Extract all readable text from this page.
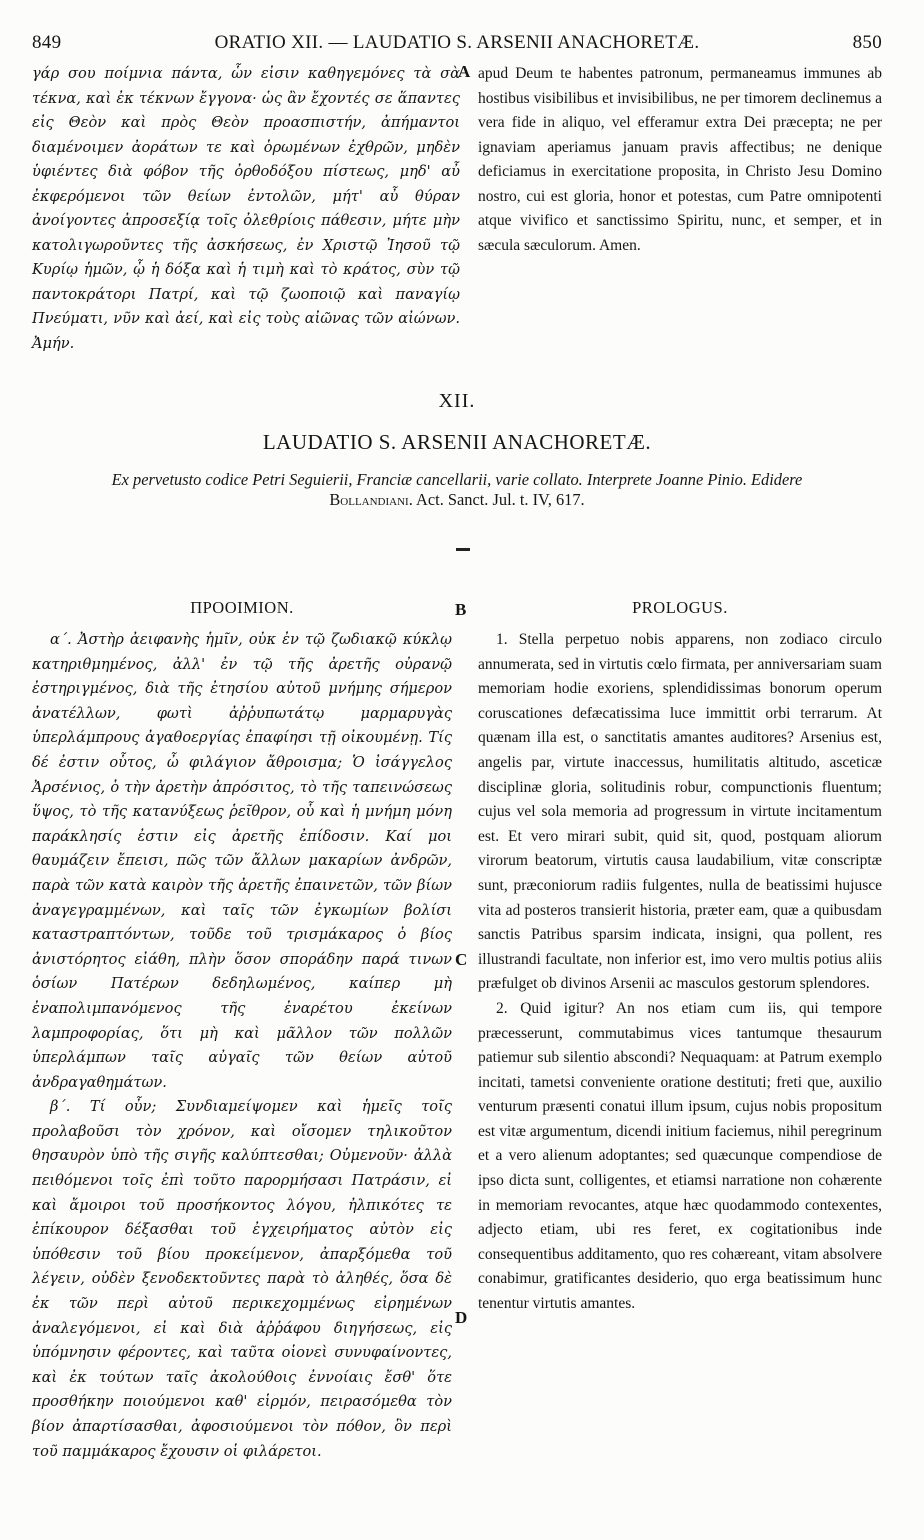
849	ORATIO XII. — LAUDATIO S. ARSENII ANACHORETÆ.	850

γάρ σου ποίμνια πάντα, ὧν εἰσιν καθηγεμόνες τὰ σὰ τέκνα, καὶ ἐκ τέκνων ἔγγονα· ὡς ἂν ἔχοντές σε ἅπαντες εἰς Θεὸν καὶ πρὸς Θεὸν προασπιστήν, ἀπήμαντοι διαμένοιμεν ἀοράτων τε καὶ ὁρωμένων ἐχθρῶν, μηδὲν ὑφιέντες διὰ φόβον τῆς ὀρθοδόξου πίστεως, μηδ' αὖ ἐκφερόμενοι τῶν θείων ἐντολῶν, μήτ' αὖ θύραν ἀνοίγοντες ἀπροσεξίᾳ τοῖς ὀλεθρίοις πάθεσιν, μήτε μὴν κατολιγωροῦντες τῆς ἀσκήσεως, ἐν Χριστῷ Ἰησοῦ τῷ Κυρίῳ ἡμῶν, ᾧ ἡ δόξα καὶ ἡ τιμὴ καὶ τὸ κράτος, σὺν τῷ παντοκράτορι Πατρί, καὶ τῷ ζωοποιῷ καὶ παναγίῳ Πνεύματι, νῦν καὶ ἀεί, καὶ εἰς τοὺς αἰῶνας τῶν αἰώνων. Ἀμήν.

A apud Deum te habentes patronum, permaneamus immunes ab hostibus visibilibus et invisibilibus, ne per timorem declinemus a vera fide in aliquo, vel efferamur extra Dei præcepta; ne per ignaviam aperiamus januam pravis affectibus; ne denique deficiamus in exercitatione proposita, in Christo Jesu Domino nostro, cui est gloria, honor et potestas, cum Patre omnipotenti atque vivifico et sanctissimo Spiritu, nunc, et semper, et in sæcula sæculorum. Amen.

XII.
LAUDATIO S. ARSENII ANACHORETÆ.
Ex pervetusto codice Petri Seguierii, Franciæ cancellarii, varie collato. Interprete Joanne Pinio. Edidere
Bollandiani. Act. Sanct. Jul. t. IV, 617.
ΠΡΟΟΙΜΙΟΝ.	B	PROLOGUS.

α΄. Ἀστὴρ ἀειφανὴς ἡμῖν, οὐκ ἐν τῷ ζωδιακῷ κύκλῳ κατηριθμημένος, ἀλλ' ἐν τῷ τῆς ἀρετῆς οὐρανῷ ἐστηριγμένος, διὰ τῆς ἐτησίου αὐτοῦ μνήμης σήμερον ἀνατέλλων, φωτὶ ἀῤῥυπωτάτῳ μαρμαρυγὰς ὑπερλάμπρους ἀγαθοεργίας ἐπαφίησι τῇ οἰκουμένῃ. Τίς δέ ἐστιν οὗτος, ὦ φιλάγιον ἄθροισμα; Ὁ ἰσάγγελος Ἀρσένιος, ὁ τὴν ἀρετὴν ἀπρόσιτος, τὸ τῆς ταπεινώσεως ὕψος, τὸ τῆς κατανύξεως ῥεῖθρον, οὗ καὶ ἡ μνήμη μόνη παράκλησίς ἐστιν εἰς ἀρετῆς ἐπίδοσιν. Καί μοι θαυμάζειν ἔπεισι, πῶς τῶν ἄλλων μακαρίων ἀνδρῶν, παρὰ τῶν κατὰ καιρὸν τῆς ἀρετῆς ἐπαινετῶν, τῶν βίων ἀναγεγραμμένων, καὶ ταῖς τῶν ἐγκωμίων βολίσι καταστραπτόντων, τοῦδε τοῦ τρισμάκαρος ὁ βίος ἀνιστόρητος εἰάθη, πλὴν ὅσον σποράδην παρά τινων ὁσίων Πατέρων δεδηλωμένος, καίπερ μὴ ἐναπολιμπανόμενος τῆς ἐναρέτου ἐκείνων λαμπροφορίας, ὅτι μὴ καὶ μᾶλλον τῶν πολλῶν ὑπερλάμπων ταῖς αὐγαῖς τῶν θείων αὐτοῦ ἀνδραγαθημάτων.

β΄. Τί οὖν; Συνδιαμείψομεν καὶ ἡμεῖς τοῖς προλαβοῦσι τὸν χρόνον, καὶ οἴσομεν τηλικοῦτον θησαυρὸν ὑπὸ τῆς σιγῆς καλύπτεσθαι; Οὐμενοῦν· ἀλλὰ πειθόμενοι τοῖς ἐπὶ τοῦτο παρορμήσασι Πατράσιν, εἰ καὶ ἄμοιροι τοῦ προσήκοντος λόγου, ἠλπικότες τε ἐπίκουρον δέξασθαι τοῦ ἐγχειρήματος αὐτὸν εἰς ὑπόθεσιν τοῦ βίου προκείμενον, ἀπαρξόμεθα τοῦ λέγειν, οὐδὲν ξενοδεκτοῦντες παρὰ τὸ ἀληθές, ὅσα δὲ ἐκ τῶν περὶ αὐτοῦ περικεχομμένως εἰρημένων ἀναλεγόμενοι, εἰ καὶ διὰ ἀῤῥάφου διηγήσεως, εἰς ὑπόμνησιν φέροντες, καὶ ταῦτα οἱονεὶ συνυφαίνοντες, καὶ ἐκ τούτων ταῖς ἀκολούθοις ἐννοίαις ἔσθ' ὅτε προσθήκην ποιούμενοι καθ' εἱρμόν, πειρασόμεθα τὸν βίον ἀπαρτίσασθαι, ἀφοσιούμενοι τὸν πόθον, ὃν περὶ τοῦ παμμάκαρος ἔχουσιν οἱ φιλάρετοι.

C
D

1. Stella perpetuo nobis apparens, non zodiaco circulo annumerata, sed in virtutis cœlo firmata, per anniversariam suam memoriam hodie exoriens, splendidissimas bonorum operum coruscationes defæcatissima luce immittit orbi terrarum. At quænam illa est, o sanctitatis amantes auditores? Arsenius est, angelis par, virtute inaccessus, humilitatis altitudo, asceticæ disciplinæ gloria, solitudinis robur, compunctionis fluentum; cujus vel sola memoria ad progressum in virtute incitamentum est. Et vero mirari subit, quid sit, quod, postquam aliorum virorum beatorum, virtutis causa laudabilium, vitæ conscriptæ sunt, præconiorum radiis fulgentes, nulla de beatissimi hujusce vita ad posteros transierit historia, præter eam, quæ a quibusdam sanctis Patribus sparsim indicata, insigni, qua pollent, res illustrandi facultate, non inferior est, imo vero multis potius aliis præfulget ob divinos Arsenii ac masculos gestorum splendores.

2. Quid igitur? An nos etiam cum iis, qui tempore præcesserunt, commutabimus vices tantumque thesaurum patiemur sub silentio abscondi? Nequaquam: at Patrum exemplo incitati, tametsi conveniente oratione destituti; freti que, auxilio venturum præsenti conatui illum ipsum, cujus nobis propositum est vitæ argumentum, dicendi initium faciemus, nihil peregrinum et a vero alienum adoptantes; sed quæcunque compendiose de ipso dicta sunt, colligentes, et etiamsi narratione non cohærente in memoriam revocantes, atque hæc quodammodo contexentes, adjecto etiam, ubi res feret, ex cogitationibus inde consequentibus additamento, quo res cohæreant, vitam absolvere conabimur, gratificantes desiderio, quo erga beatissimum hunc tenentur virtutis amantes.
